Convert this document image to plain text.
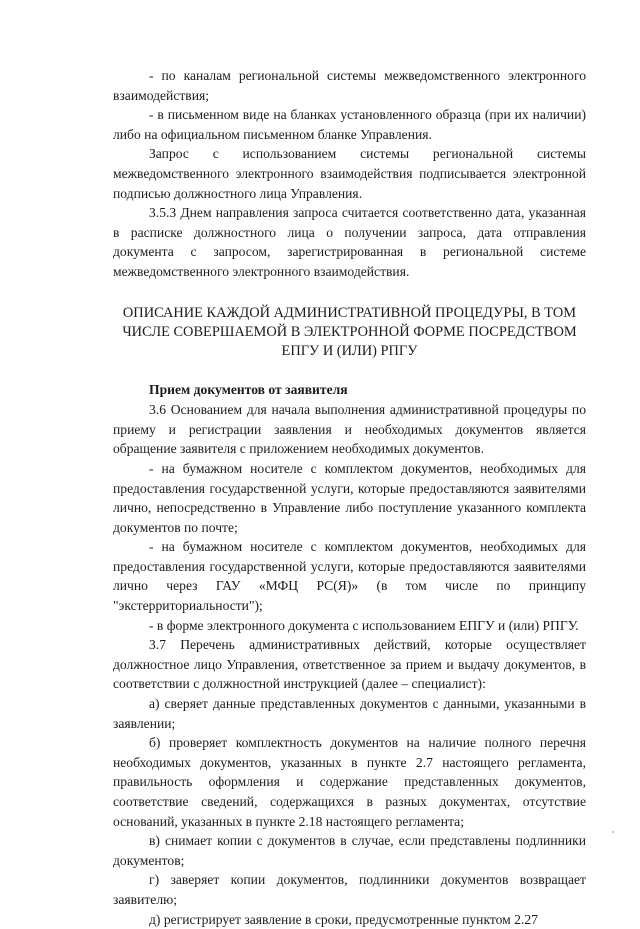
- по каналам региональной системы межведомственного электронного взаимодействия;

- в письменном виде на бланках установленного образца (при их наличии) либо на официальном письменном бланке Управления.

Запрос с использованием системы региональной системы межведомственного электронного взаимодействия подписывается электронной подписью должностного лица Управления.

3.5.3 Днем направления запроса считается соответственно дата, указанная в расписке должностного лица о получении запроса, дата отправления документа с запросом, зарегистрированная в региональной системе межведомственного электронного взаимодействия.

ОПИСАНИЕ КАЖДОЙ АДМИНИСТРАТИВНОЙ ПРОЦЕДУРЫ, В ТОМ ЧИСЛЕ СОВЕРШАЕМОЙ В ЭЛЕКТРОННОЙ ФОРМЕ ПОСРЕДСТВОМ ЕПГУ И (ИЛИ) РПГУ
Прием документов от заявителя

3.6 Основанием для начала выполнения административной процедуры по приему и регистрации заявления и необходимых документов является обращение заявителя с приложением необходимых документов.

- на бумажном носителе с комплектом документов, необходимых для предоставления государственной услуги, которые предоставляются заявителями лично, непосредственно в Управление либо поступление указанного комплекта документов по почте;

- на бумажном носителе с комплектом документов, необходимых для предоставления государственной услуги, которые предоставляются заявителями лично через ГАУ «МФЦ РС(Я)» (в том числе по принципу "экстерриториальности");

- в форме электронного документа с использованием ЕПГУ и (или) РПГУ.

3.7 Перечень административных действий, которые осуществляет должностное лицо Управления, ответственное за прием и выдачу документов, в соответствии с должностной инструкцией (далее – специалист):

а) сверяет данные представленных документов с данными, указанными в заявлении;

б) проверяет комплектность документов на наличие полного перечня необходимых документов, указанных в пункте 2.7 настоящего регламента, правильность оформления и содержание представленных документов, соответствие сведений, содержащихся в разных документах, отсутствие оснований, указанных в пункте 2.18 настоящего регламента;

в) снимает копии с документов в случае, если представлены подлинники документов;

г) заверяет копии документов, подлинники документов возвращает заявителю;

д) регистрирует заявление в сроки, предусмотренные пунктом 2.27
